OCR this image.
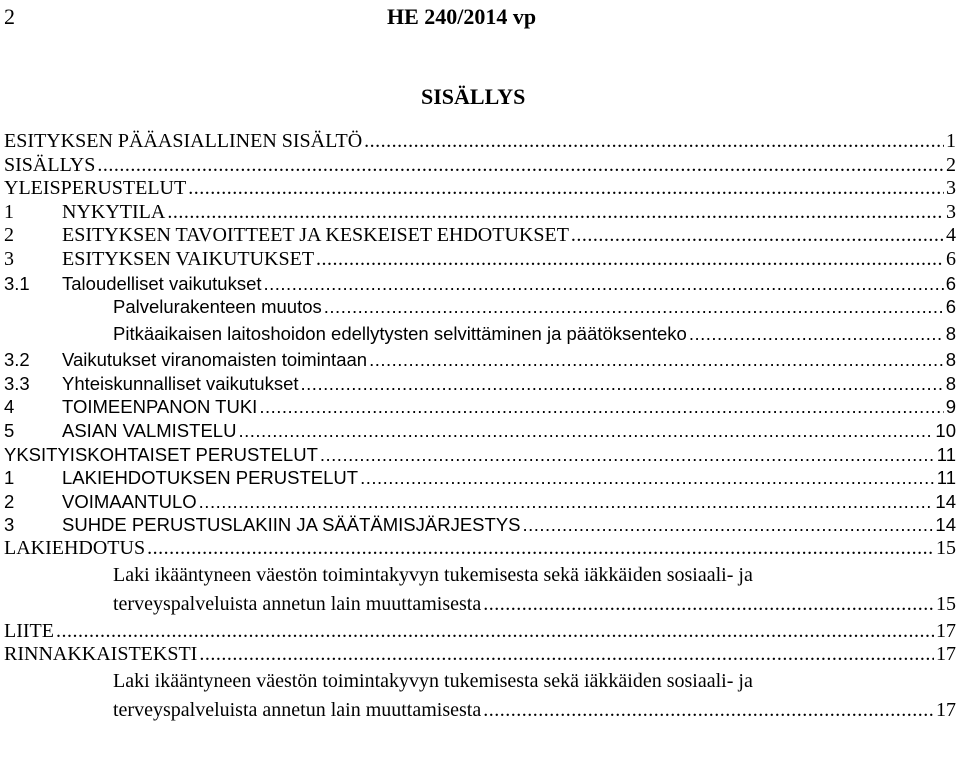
2	HE 240/2014 vp
SISÄLLYS
ESITYKSEN PÄÄASIALLINEN SISÄLTÖ .....	1
SISÄLLYS .....	2
YLEISPERUSTELUT .....	3
1	NYKYTILA .....	3
2	ESITYKSEN TAVOITTEET JA KESKEISET EHDOTUKSET .....	4
3	ESITYKSEN VAIKUTUKSET .....	6
3.1	Taloudelliset vaikutukset .....	6
Palvelurakenteen muutos .....	6
Pitkäaikaisen laitoshoidon edellytysten selvittäminen ja päätöksenteko .....	8
3.2	Vaikutukset viranomaisten toimintaan .....	8
3.3	Yhteiskunnalliset vaikutukset .....	8
4	TOIMEENPANON TUKI .....	9
5	ASIAN VALMISTELU .....	10
YKSITYISKOHTAISET PERUSTELUT .....	11
1	LAKIEHDOTUKSEN PERUSTELUT .....	11
2	VOIMAANTULO .....	14
3	SUHDE PERUSTUSLAKIIN JA SÄÄTÄMISJÄRJESTYS .....	14
LAKIEHDOTUS .....	15
Laki ikääntyneen väestön toimintakyvyn tukemisesta sekä iäkkäiden sosiaali- ja
terveyspalveluista annetun lain muuttamisesta .....	15
LIITE .....	17
RINNAKKAISTEKSTI .....	17
Laki ikääntyneen väestön toimintakyvyn tukemisesta sekä iäkkäiden sosiaali- ja
terveyspalveluista annetun lain muuttamisesta .....	17
